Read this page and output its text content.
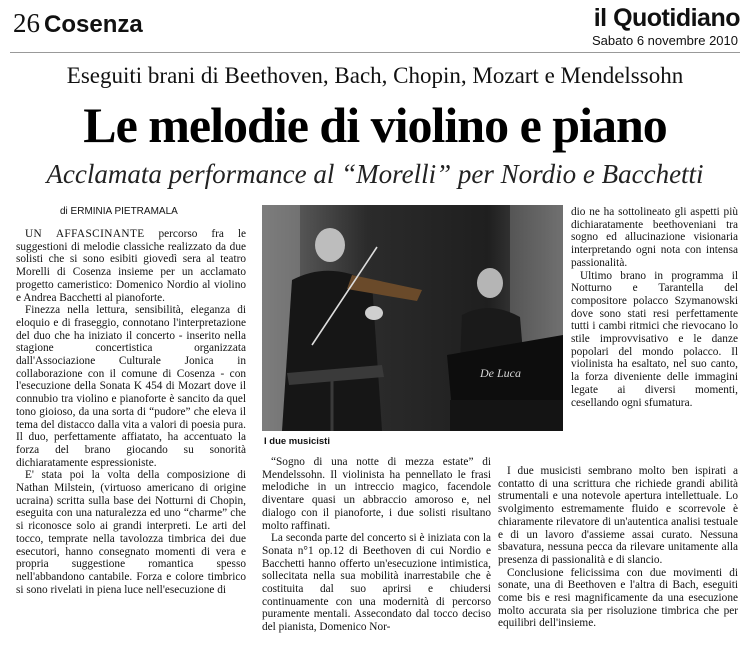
26 Cosenza	il Quotidiano
Sabato 6 novembre 2010
Eseguiti brani di Beethoven, Bach, Chopin, Mozart e Mendelssohn
Le melodie di violino e piano
Acclamata performance al “Morelli” per Nordio e Bacchetti
di ERMINIA PIETRAMALA

UN AFFASCINANTE percorso fra le suggestioni di melodie classiche realizzato da due solisti che si sono esibiti giovedì sera al teatro Morelli di Cosenza insieme per un acclamato progetto cameristico: Domenico Nordio al violino e Andrea Bacchetti al pianoforte.

Finezza nella lettura, sensibilità, eleganza di eloquio e di fraseggio, connotano l'interpretazione del duo che ha iniziato il concerto - inserito nella stagione concertistica organizzata dall'Associazione Culturale Jonica in collaborazione con il comune di Cosenza - con l'esecuzione della Sonata K 454 di Mozart dove il connubio tra violino e pianoforte è sancito da quel tono gioioso, da una sorta di “pudore” che eleva il tema del distacco dalla vita a valori di poesia pura. Il duo, perfettamente affiatato, ha accentuato la forza del brano giocando su sonorità dichiaratamente espressioniste.

E' stata poi la volta della composizione di Nathan Milstein, (virtuoso americano di origine ucraina) scritta sulla base dei Notturni di Chopin, eseguita con una naturalezza ed uno “charme” che si riconosce solo ai grandi interpreti. Le arti del tocco, temprate nella tavolozza timbrica dei due esecutori, hanno consegnato momenti di vera e propria suggestione romantica spesso nell'abbandono cantabile. Forza e colore timbrico si sono rivelati in piena luce nell'esecuzione di

De Luca
I due musicisti

“Sogno di una notte di mezza estate” di Mendelssohn. Il violinista ha pennellato le frasi melodiche in un intreccio magico, facendole diventare quasi un abbraccio amoroso e, nel dialogo con il pianoforte, i due solisti risultano molto raffinati.

La seconda parte del concerto si è iniziata con la Sonata n°1 op.12 di Beethoven di cui Nordio e Bacchetti hanno offerto un'esecuzione intimistica, sollecitata nella sua mobilità inarrestabile che è costituita dal suo aprirsi e chiudersi continuamente con una modernità di percorso puramente mentali. Assecondato dal tocco deciso del pianista, Domenico Nor-

dio ne ha sottolineato gli aspetti più dichiaratamente beethoveniani tra sogno ed allucinazione visionaria interpretando ogni nota con intensa passionalità.

Ultimo brano in programma il Notturno e Tarantella del compositore polacco Szymanowski dove sono stati resi perfettamente tutti i cambi ritmici che rievocano lo stile improvvisativo e le danze popolari del mondo polacco. Il violinista ha esaltato, nel suo canto, la forza diveniente delle immagini legate ai diversi momenti, cesellando ogni sfumatura.

I due musicisti sembrano molto ben ispirati a contatto di una scrittura che richiede grandi abilità strumentali e una notevole apertura intellettuale. Lo svolgimento estremamente fluido e scorrevole è chiaramente rilevatore di un'autentica analisi testuale e di un lavoro d'assieme assai curato. Nessuna sbavatura, nessuna pecca da rilevare unitamente alla presenza di passionalità e di slancio.

Conclusione felicissima con due movimenti di sonate, una di Beethoven e l'altra di Bach, eseguiti come bis e resi magnificamente da una esecuzione molto accurata sia per risoluzione timbrica che per equilibri dell'insieme.
